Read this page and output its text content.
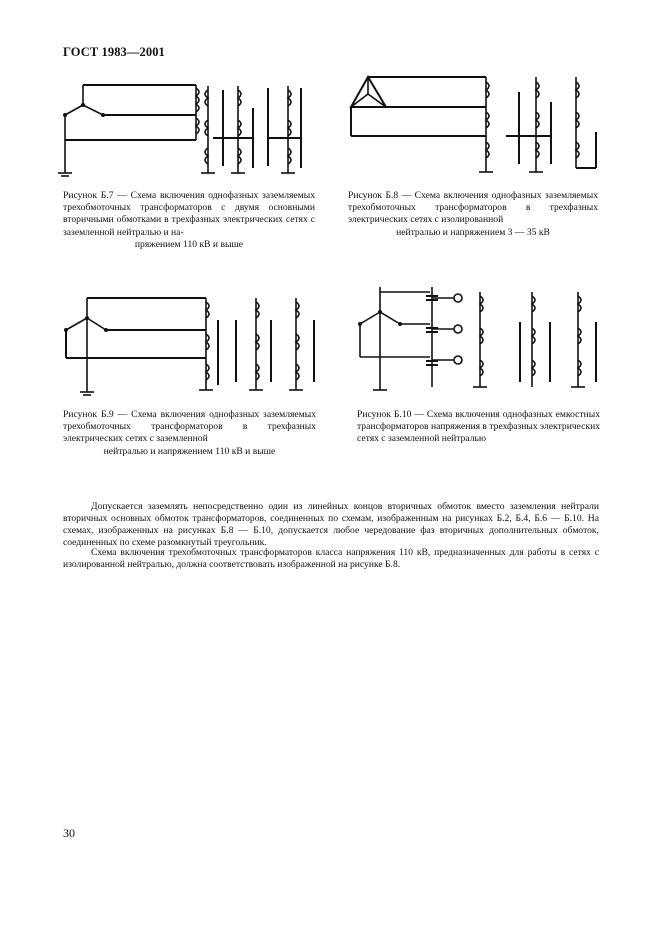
ГОСТ 1983—2001
Рисунок Б.7 — Схема включения однофазных заземляемых трехобмоточных трансформаторов с двумя основными вторичными обмотками в трехфазных электрических сетях с заземленной нейтралью и на-
пряжением 110 кВ и выше
Рисунок Б.8 — Схема включения однофазных заземляемых трехобмоточных трансформаторов в трехфазных электрических сетях с изолированной
нейтралью и напряжением 3 — 35 кВ
Рисунок Б.9 — Схема включения однофазных заземляемых трехобмоточных трансформаторов в трехфазных электрических сетях с заземленной
нейтралью и напряжением 110 кВ и выше
Рисунок Б.10 — Схема включения однофазных емкостных трансформаторов напряжения в трехфазных электрических сетях с заземленной нейтралью

Допускается заземлять непосредственно один из линейных концов вторичных обмоток вместо заземления нейтрали вторичных основных обмоток трансформаторов, соединенных по схемам, изображенным на рисунках Б.2, Б.4, Б.6 — Б.10. На схемах, изображенных на рисунках Б.8 — Б.10, допускается любое чередование фаз вторичных дополнительных обмоток, соединенных по схеме разомкнутый треугольник.

Схема включения трехобмоточных трансформаторов класса напряжения 110 кВ, предназначенных для работы в сетях с изолированной нейтралью, должна соответствовать изображенной на рисунке Б.8.

30
